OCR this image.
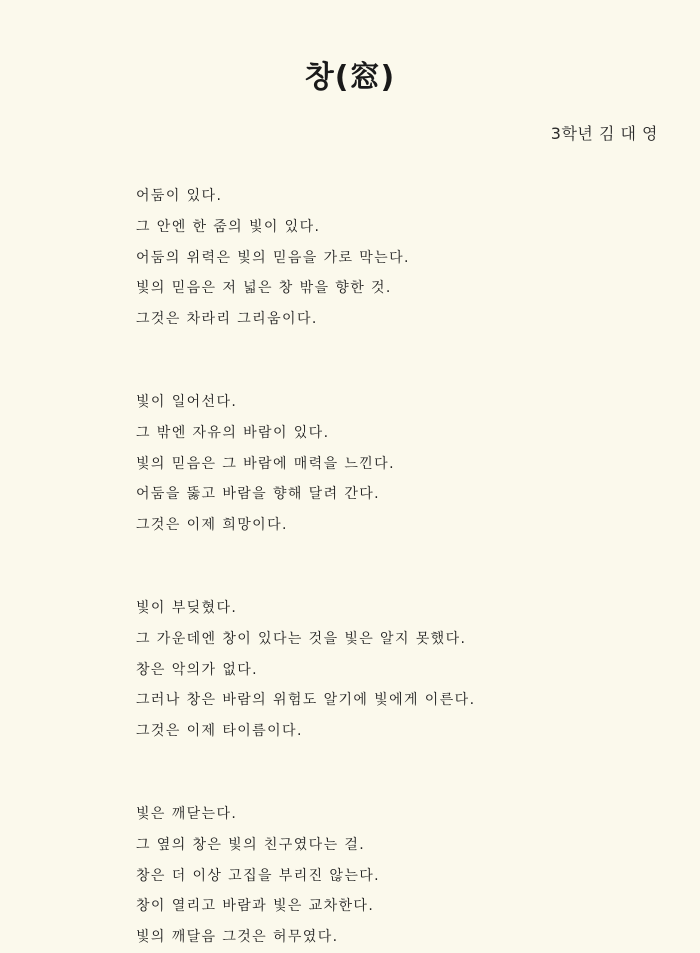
창(窓)
3학년 김 대 영
어둠이 있다.
그 안엔 한 줌의 빛이 있다.
어둠의 위력은 빛의 믿음을 가로 막는다.
빛의 믿음은 저 넓은 창 밖을 향한 것.
그것은 차라리 그리움이다.
빛이 일어선다.
그 밖엔 자유의 바람이 있다.
빛의 믿음은 그 바람에 매력을 느낀다.
어둠을 뚫고 바람을 향해 달려 간다.
그것은 이제 희망이다.
빛이 부딪혔다.
그 가운데엔 창이 있다는 것을 빛은 알지 못했다.
창은 악의가 없다.
그러나 창은 바람의 위험도 알기에 빛에게 이른다.
그것은 이제 타이름이다.
빛은 깨닫는다.
그 옆의 창은 빛의 친구였다는 걸.
창은 더 이상 고집을 부리진 않는다.
창이 열리고 바람과 빛은 교차한다.
빛의 깨달음 그것은 허무였다.
